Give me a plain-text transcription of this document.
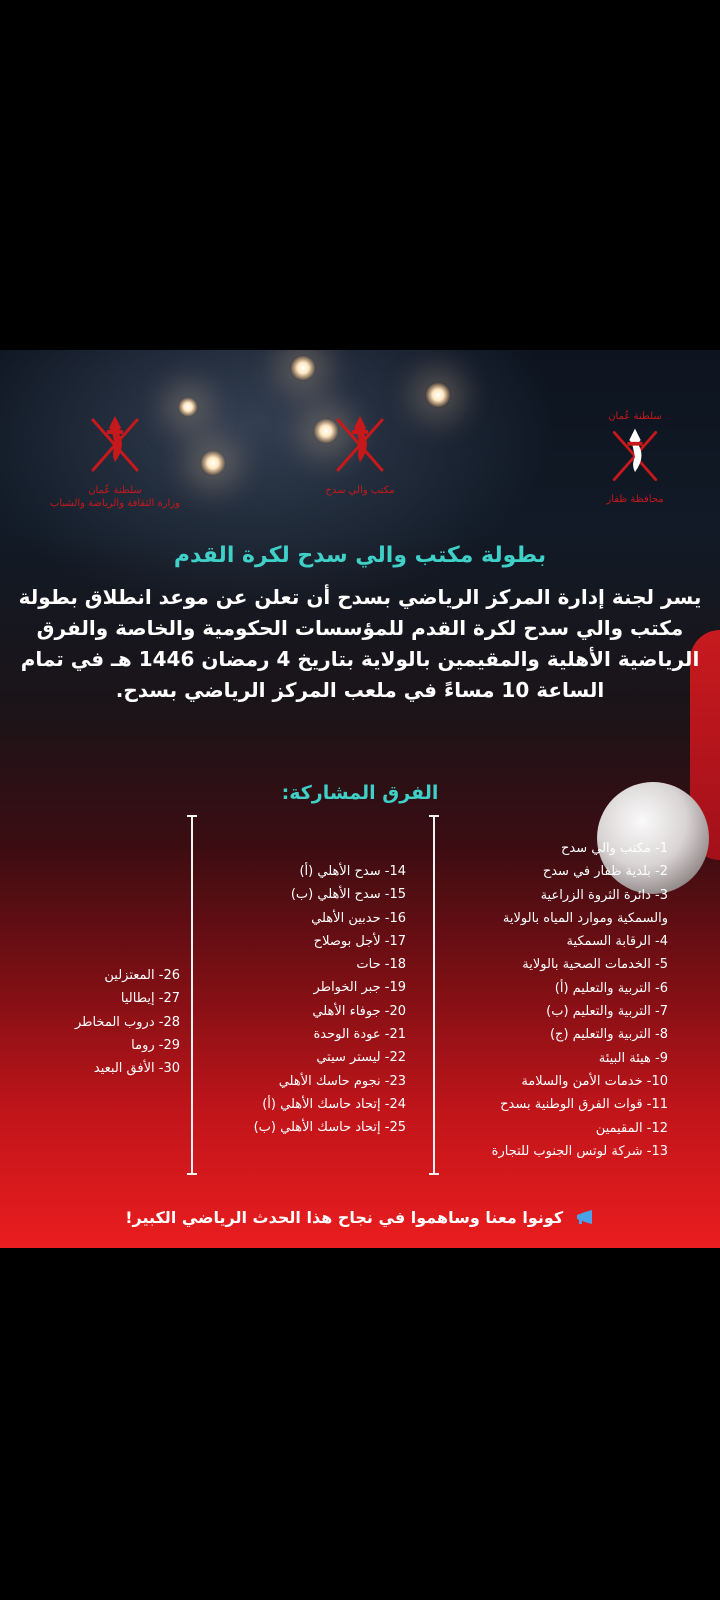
سلطنة عُمان
وزارة الثقافة والرياضة والشباب
مكتب والي سدح
سلطنة عُمان
محافظة ظفار
بطولة مكتب والي سدح لكرة القدم

يسر لجنة إدارة المركز الرياضي بسدح أن تعلن عن موعد انطلاق بطولة مكتب والي سدح لكرة القدم للمؤسسات الحكومية والخاصة والفرق الرياضية الأهلية والمقيمين بالولاية بتاريخ 4 رمضان 1446 هـ في تمام الساعة 10 مساءً في ملعب المركز الرياضي بسدح.

الفرق المشاركة:
1- مكتب والي سدح
2- بلدية ظفار في سدح
3- دائرة الثروة الزراعية
والسمكية وموارد المياه بالولاية
4- الرقابة السمكية
5- الخدمات الصحية بالولاية
6- التربية والتعليم (أ)
7- التربية والتعليم (ب)
8- التربية والتعليم (ج)
9- هيئة البيئة
10- خدمات الأمن والسلامة
11- قوات الفرق الوطنية بسدح
12- المقيمين
13- شركة لوتس الجنوب للتجارة
14- سدح الأهلي (أ)
15- سدح الأهلي (ب)
16- حدبين الأهلي
17- لأجل بوصلاح
18- حات
19- جبر الخواطر
20- جوفاء الأهلي
21- عودة الوحدة
22- ليستر سيتي
23- نجوم حاسك الأهلي
24- إتحاد حاسك الأهلي (أ)
25- إتحاد حاسك الأهلي (ب)
26- المعتزلين
27- إيطاليا
28- دروب المخاطر
29- روما
30- الأفق البعيد
كونوا معنا وساهموا في نجاح هذا الحدث الرياضي الكبير!
